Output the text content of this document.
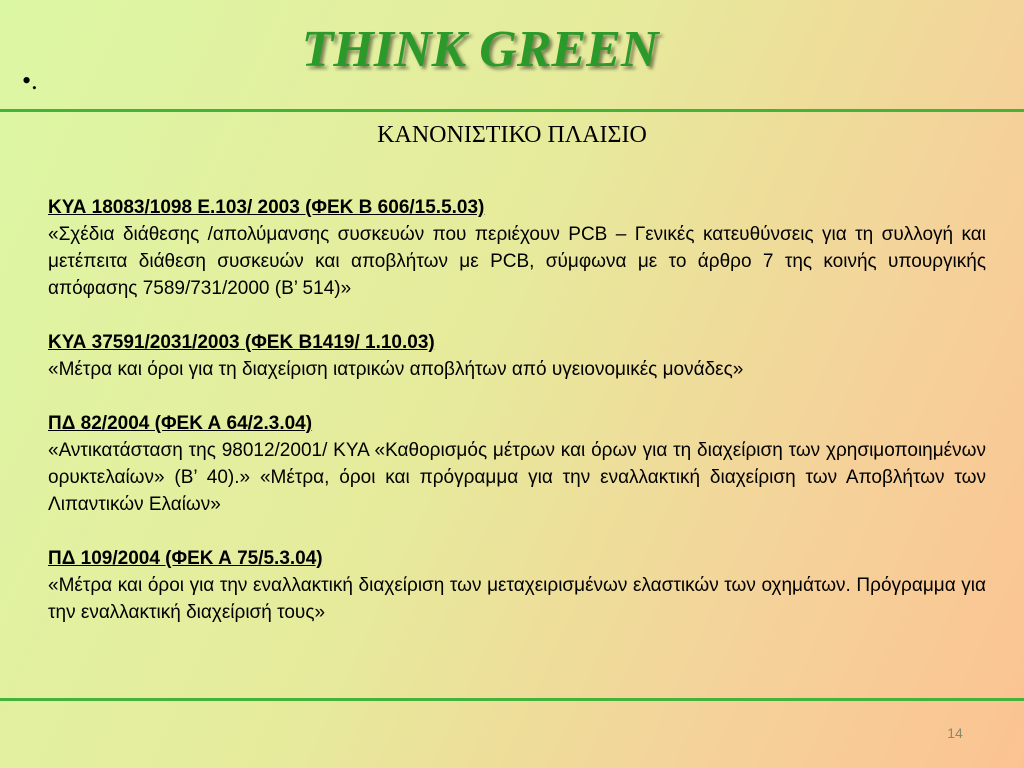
•.
THINK GREEN
ΚΑΝΟΝΙΣΤΙΚΟ ΠΛΑΙΣΙΟ
ΚΥΑ 18083/1098 Ε.103/ 2003 (ΦΕΚ Β 606/15.5.03)
«Σχέδια διάθεσης /απολύμανσης συσκευών που περιέχουν PCB – Γενικές κατευθύνσεις για τη συλλογή και μετέπειτα διάθεση συσκευών και αποβλήτων με PCB, σύμφωνα με το άρθρο 7 της κοινής υπουργικής απόφασης 7589/731/2000 (Β’ 514)»
ΚΥΑ 37591/2031/2003 (ΦΕΚ Β1419/ 1.10.03)
«Μέτρα και όροι για τη διαχείριση ιατρικών αποβλήτων από υγειονομικές μονάδες»
ΠΔ 82/2004 (ΦΕΚ Α 64/2.3.04)
«Αντικατάσταση της 98012/2001/ ΚΥΑ «Καθορισμός μέτρων και όρων για τη διαχείριση των χρησιμοποιημένων ορυκτελαίων» (Β’ 40).» «Μέτρα, όροι και πρόγραμμα για την εναλλακτική διαχείριση των Αποβλήτων των Λιπαντικών Ελαίων»
ΠΔ 109/2004 (ΦΕΚ Α 75/5.3.04)
«Μέτρα και όροι για την εναλλακτική διαχείριση των μεταχειρισμένων ελαστικών των οχημάτων. Πρόγραμμα για την εναλλακτική διαχείρισή τους»
14
